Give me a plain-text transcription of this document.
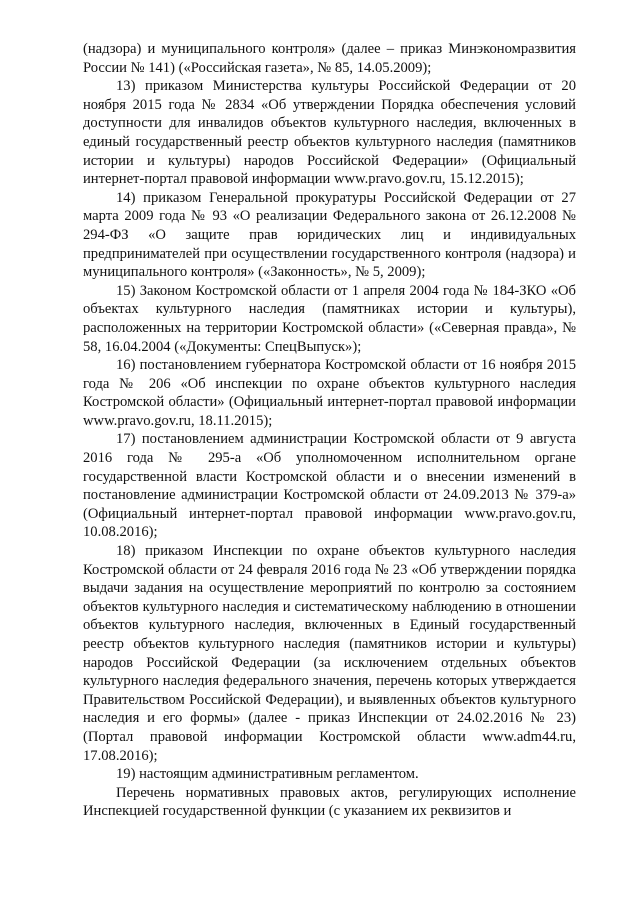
(надзора) и муниципального контроля» (далее – приказ Минэкономразвития России № 141) («Российская газета», № 85, 14.05.2009);

13) приказом Министерства культуры Российской Федерации от 20 ноября 2015 года № 2834 «Об утверждении Порядка обеспечения условий доступности для инвалидов объектов культурного наследия, включенных в единый государственный реестр объектов культурного наследия (памятников истории и культуры) народов Российской Федерации» (Официальный интернет-портал правовой информации www.pravo.gov.ru, 15.12.2015);

14) приказом Генеральной прокуратуры Российской Федерации от 27 марта 2009 года № 93 «О реализации Федерального закона от 26.12.2008 № 294-ФЗ «О защите прав юридических лиц и индивидуальных предпринимателей при осуществлении государственного контроля (надзора) и муниципального контроля» («Законность», № 5, 2009);

15) Законом Костромской области от 1 апреля 2004 года № 184-ЗКО «Об объектах культурного наследия (памятниках истории и культуры), расположенных на территории Костромской области» («Северная правда», № 58, 16.04.2004 («Документы: СпецВыпуск»);

16) постановлением губернатора Костромской области от 16 ноября 2015 года № 206 «Об инспекции по охране объектов культурного наследия Костромской области» (Официальный интернет-портал правовой информации www.pravo.gov.ru, 18.11.2015);

17) постановлением администрации Костромской области от 9 августа 2016 года № 295-а «Об уполномоченном исполнительном органе государственной власти Костромской области и о внесении изменений в постановление администрации Костромской области от 24.09.2013 № 379-а» (Официальный интернет-портал правовой информации www.pravo.gov.ru, 10.08.2016);

18) приказом Инспекции по охране объектов культурного наследия Костромской области от 24 февраля 2016 года № 23 «Об утверждении порядка выдачи задания на осуществление мероприятий по контролю за состоянием объектов культурного наследия и систематическому наблюдению в отношении объектов культурного наследия, включенных в Единый государственный реестр объектов культурного наследия (памятников истории и культуры) народов Российской Федерации (за исключением отдельных объектов культурного наследия федерального значения, перечень которых утверждается Правительством Российской Федерации), и выявленных объектов культурного наследия и его формы» (далее - приказ Инспекции от 24.02.2016 № 23) (Портал правовой информации Костромской области www.adm44.ru, 17.08.2016);

19) настоящим административным регламентом.

Перечень нормативных правовых актов, регулирующих исполнение Инспекцией государственной функции (с указанием их реквизитов и
